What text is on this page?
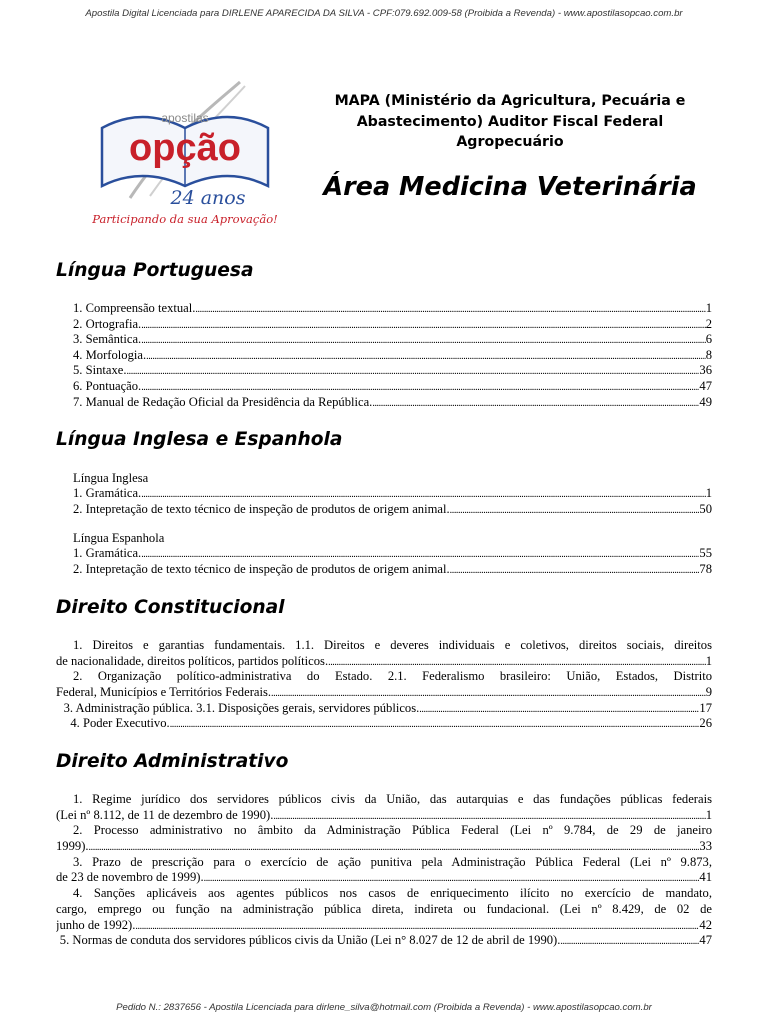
Apostila Digital Licenciada para DIRLENE APARECIDA DA SILVA - CPF:079.692.009-58 (Proibida a Revenda) - www.apostilasopcao.com.br
apostilas
opção
24 anos
Participando da sua Aprovação!
MAPA (Ministério da Agricultura, Pecuária e
Abastecimento) Auditor Fiscal Federal
Agropecuário
Área Medicina Veterinária
Língua Portuguesa
1. Compreensão textual. .....	1
2. Ortografia. .....	2
3. Semântica. .....	6
4. Morfologia. .....	8
5. Sintaxe. .....	36
6. Pontuação. .....	47
7. Manual de Redação Oficial da Presidência da República. .....	49
Língua Inglesa e Espanhola
Língua Inglesa
1. Gramática. .....	1
2. Intepretação de texto técnico de inspeção de produtos de origem animal. .....	50
Língua Espanhola
1. Gramática. .....	55
2. Intepretação de texto técnico de inspeção de produtos de origem animal. .....	78
Direito Constitucional
1. Direitos e garantias fundamentais. 1.1. Direitos e deveres individuais e coletivos, direitos sociais, direitos
de nacionalidade, direitos políticos, partidos políticos. .....	1
2. Organização político-administrativa do Estado. 2.1. Federalismo brasileiro: União, Estados, Distrito
Federal, Municípios e Territórios Federais. .....	9
3. Administração pública. 3.1. Disposições gerais, servidores públicos. .....	17
4. Poder Executivo. .....	26
Direito Administrativo
1. Regime jurídico dos servidores públicos civis da União, das autarquias e das fundações públicas federais
(Lei nº 8.112, de 11 de dezembro de 1990). .....	1
2. Processo administrativo no âmbito da Administração Pública Federal (Lei nº 9.784, de 29 de janeiro
1999). .....	33
3. Prazo de prescrição para o exercício de ação punitiva pela Administração Pública Federal (Lei nº 9.873,
de 23 de novembro de 1999). .....	41
4. Sanções aplicáveis aos agentes públicos nos casos de enriquecimento ilícito no exercício de mandato,
cargo, emprego ou função na administração pública direta, indireta ou fundacional. (Lei nº 8.429, de 02 de
junho de 1992). .....	42
5. Normas de conduta dos servidores públicos civis da União (Lei n° 8.027 de 12 de abril de 1990). .....	47
Pedido N.: 2837656 - Apostila Licenciada para dirlene_silva@hotmail.com (Proibida a Revenda) - www.apostilasopcao.com.br
